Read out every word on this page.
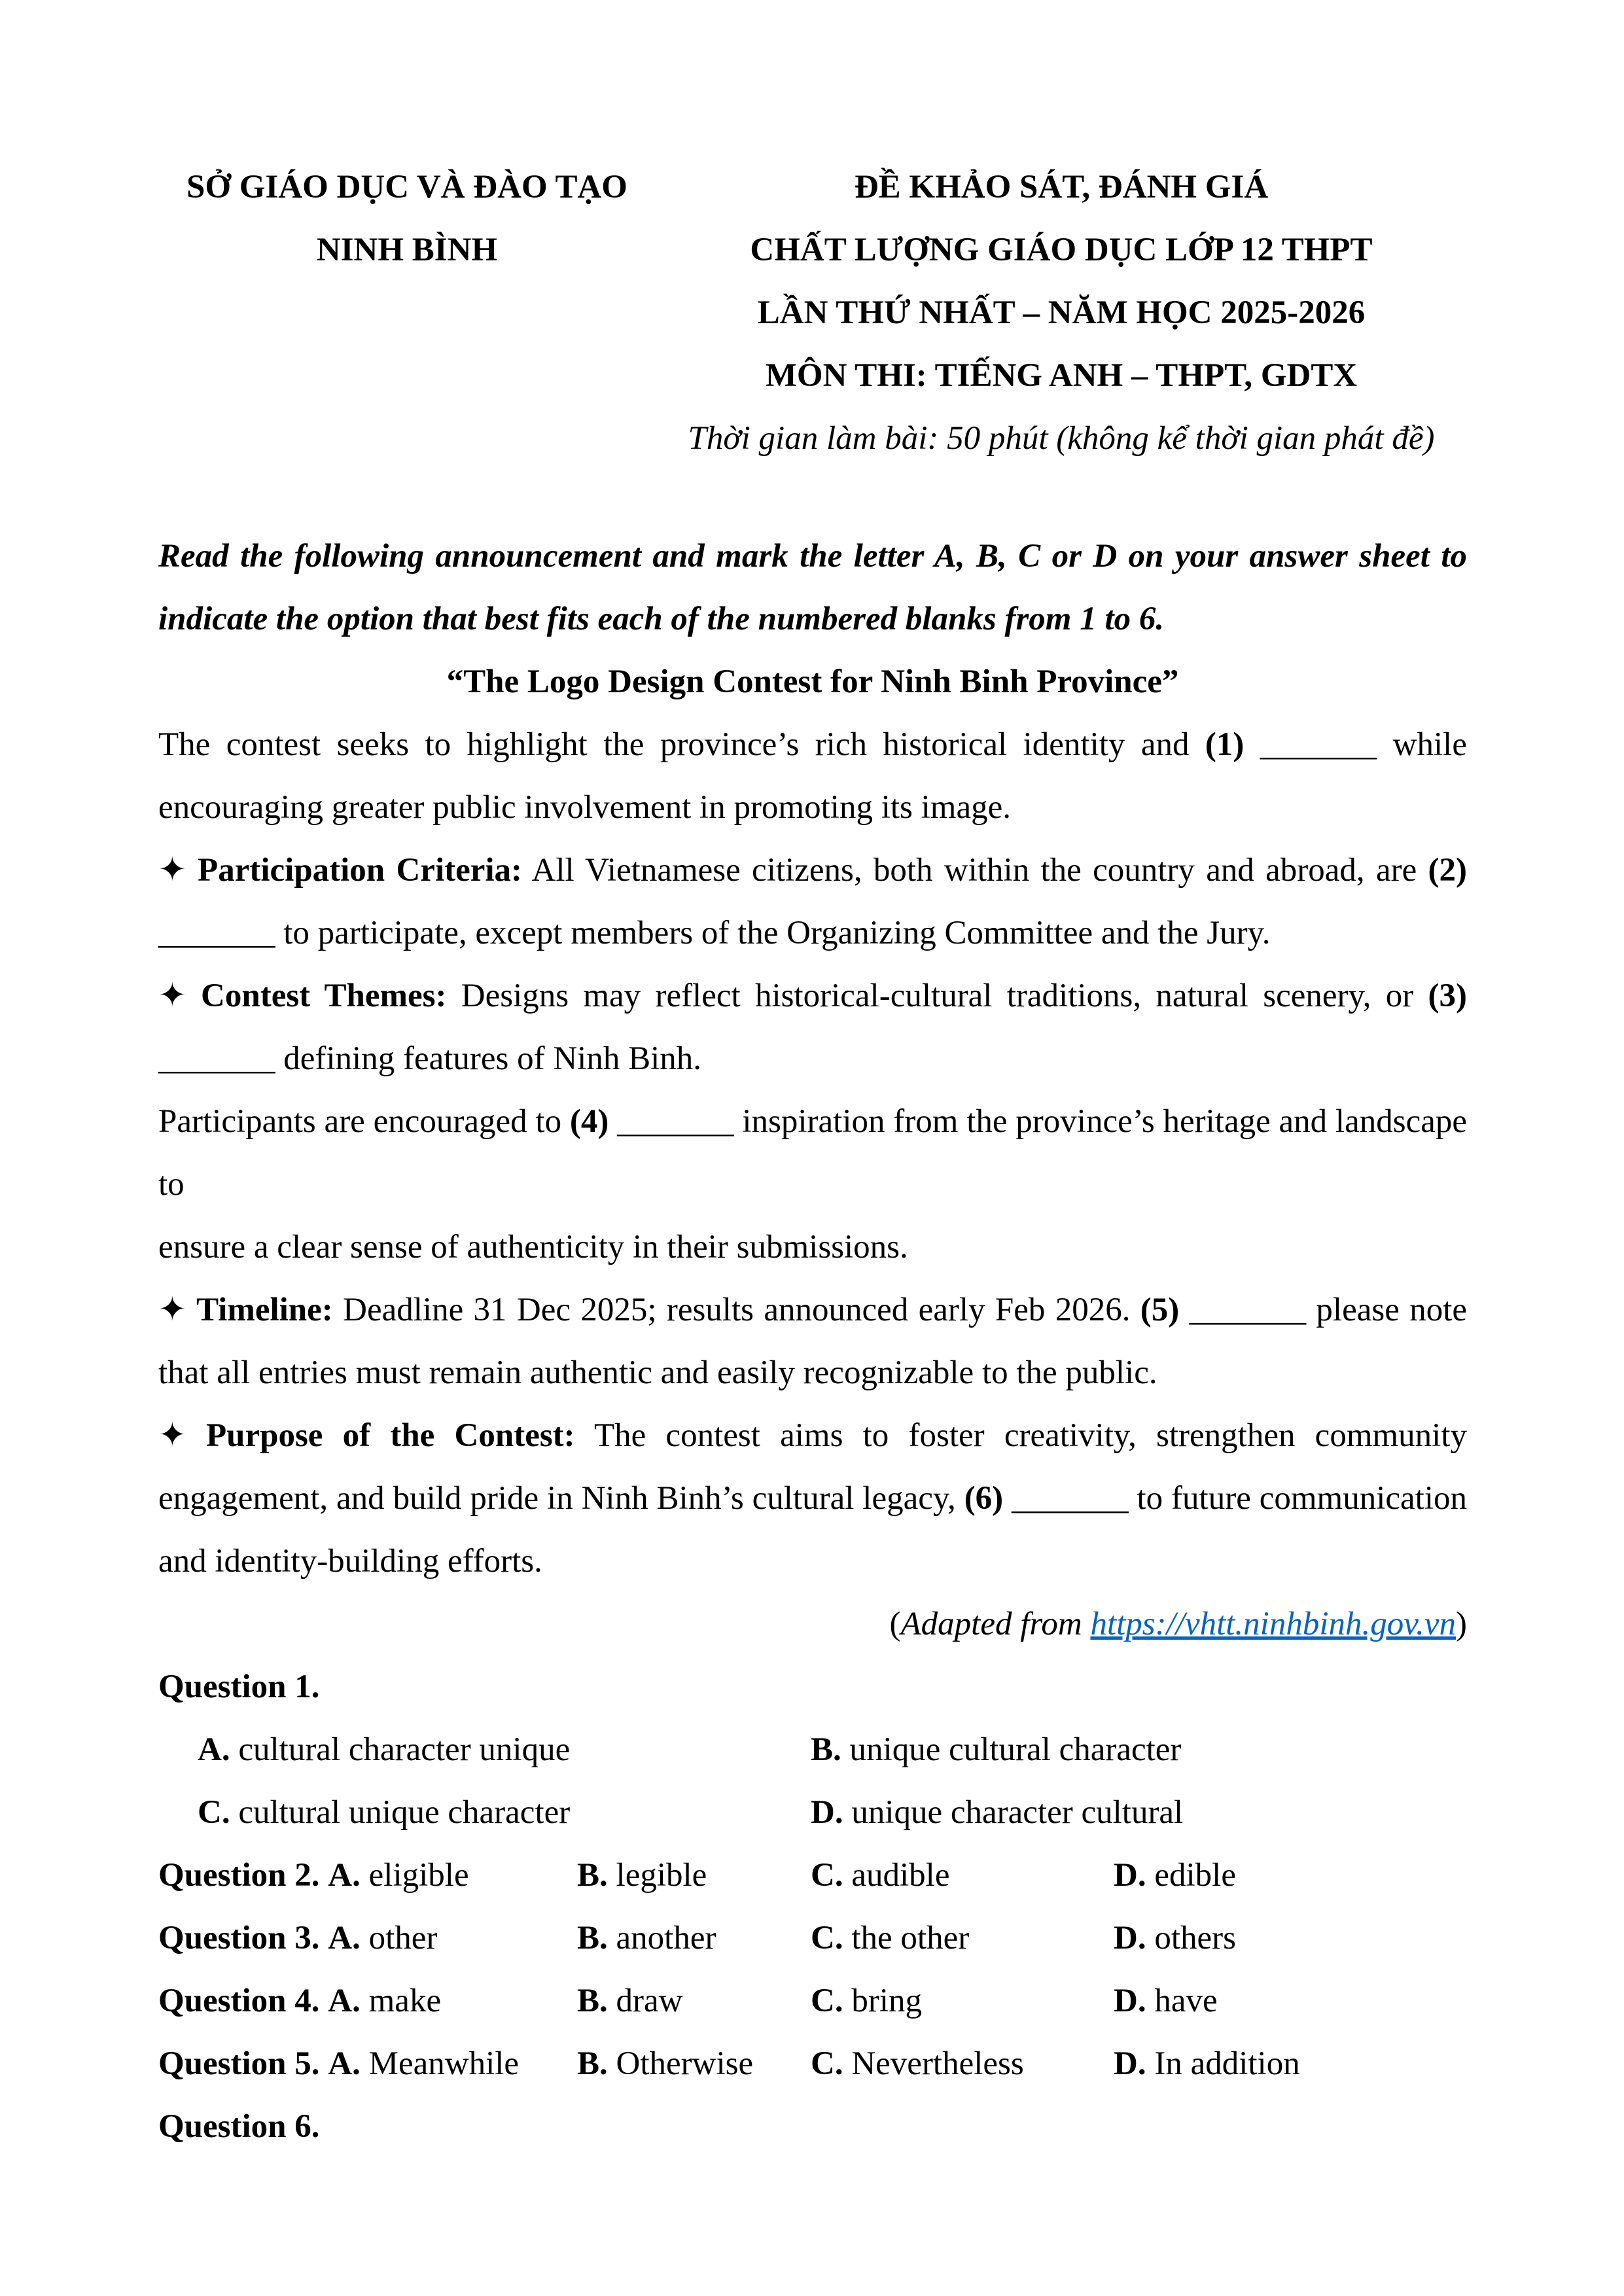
SỞ GIÁO DỤC VÀ ĐÀO TẠO
NINH BÌNH
ĐỀ KHẢO SÁT, ĐÁNH GIÁ
CHẤT LƯỢNG GIÁO DỤC LỚP 12 THPT
LẦN THỨ NHẤT – NĂM HỌC 2025-2026
MÔN THI: TIẾNG ANH – THPT, GDTX
Thời gian làm bài: 50 phút (không kể thời gian phát đề)

Read the following announcement and mark the letter A, B, C or D on your answer sheet to indicate the option that best fits each of the numbered blanks from 1 to 6.

“The Logo Design Contest for Ninh Binh Province”

The contest seeks to highlight the province’s rich historical identity and (1) _______ while encouraging greater public involvement in promoting its image.

✦ Participation Criteria: All Vietnamese citizens, both within the country and abroad, are (2) _______ to participate, except members of the Organizing Committee and the Jury.

✦ Contest Themes: Designs may reflect historical-cultural traditions, natural scenery, or (3) _______ defining features of Ninh Binh.

Participants are encouraged to (4) _______ inspiration from the province’s heritage and landscape to
ensure a clear sense of authenticity in their submissions.

✦ Timeline: Deadline 31 Dec 2025; results announced early Feb 2026. (5) _______ please note that all entries must remain authentic and easily recognizable to the public.

✦ Purpose of the Contest: The contest aims to foster creativity, strengthen community engagement, and build pride in Ninh Binh’s cultural legacy, (6) _______ to future communication and identity-building efforts.

(Adapted from https://vhtt.ninhbinh.gov.vn)

Question 1.

A. cultural character unique	B. unique cultural character
C. cultural unique character	D. unique character cultural
Question 2. A. eligible	B. legible	C. audible	D. edible
Question 3. A. other	B. another	C. the other	D. others
Question 4. A. make	B. draw	C. bring	D. have
Question 5. A. Meanwhile	B. Otherwise	C. Nevertheless	D. In addition

Question 6.
